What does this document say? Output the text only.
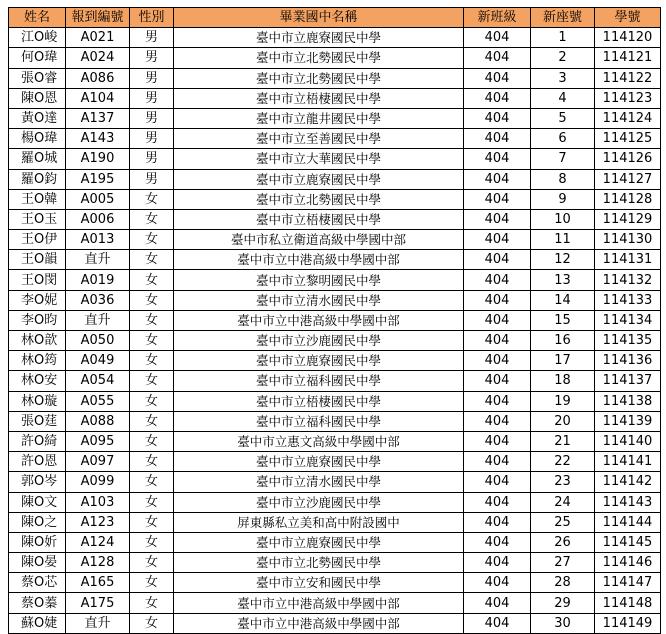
姓名	報到編號	性別	畢業國中名稱	新班級	新座號	學號
江O峻	A021	男	臺中市立鹿寮國民中學	404	1	114120
何O瑋	A024	男	臺中市立北勢國民中學	404	2	114121
張O睿	A086	男	臺中市立北勢國民中學	404	3	114122
陳O恩	A104	男	臺中市立梧棲國民中學	404	4	114123
黃O達	A137	男	臺中市立龍井國民中學	404	5	114124
楊O瑋	A143	男	臺中市立至善國民中學	404	6	114125
羅O城	A190	男	臺中市立大華國民中學	404	7	114126
羅O鈞	A195	男	臺中市立鹿寮國民中學	404	8	114127
王O韓	A005	女	臺中市立北勢國民中學	404	9	114128
王O玉	A006	女	臺中市立梧棲國民中學	404	10	114129
王O伊	A013	女	臺中市私立衛道高級中學國中部	404	11	114130
王O韻	直升	女	臺中市立中港高級中學國中部	404	12	114131
王O閔	A019	女	臺中市立黎明國民中學	404	13	114132
李O妮	A036	女	臺中市立清水國民中學	404	14	114133
李O昀	直升	女	臺中市立中港高級中學國中部	404	15	114134
林O歆	A050	女	臺中市立沙鹿國民中學	404	16	114135
林O筠	A049	女	臺中市立鹿寮國民中學	404	17	114136
林O安	A054	女	臺中市立福科國民中學	404	18	114137
林O璇	A055	女	臺中市立梧棲國民中學	404	19	114138
張O莛	A088	女	臺中市立福科國民中學	404	20	114139
許O綺	A095	女	臺中市立惠文高級中學國中部	404	21	114140
許O恩	A097	女	臺中市立鹿寮國民中學	404	22	114141
郭O岑	A099	女	臺中市立清水國民中學	404	23	114142
陳O文	A103	女	臺中市立沙鹿國民中學	404	24	114143
陳O之	A123	女	屏東縣私立美和高中附設國中	404	25	114144
陳O妡	A124	女	臺中市立鹿寮國民中學	404	26	114145
陳O晏	A128	女	臺中市立北勢國民中學	404	27	114146
蔡O芯	A165	女	臺中市立安和國民中學	404	28	114147
蔡O蓁	A175	女	臺中市立中港高級中學國中部	404	29	114148
蘇O婕	直升	女	臺中市立中港高級中學國中部	404	30	114149
